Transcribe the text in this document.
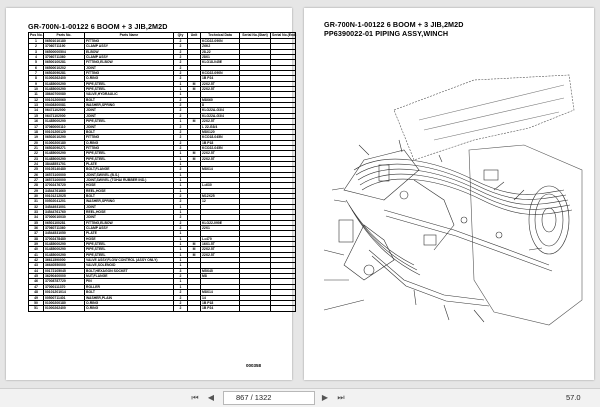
GR-700N-1-00122 6 BOOM + 3 JIB,2M2D
Pos No.	Parts No.	Parts Name	Qty	Unit	Technical Data	Serial No.(Start)	Serial No.(End)
1	06501010180	FITTING	2		KCO22-090N		
2	37060711190	CLAMP ASSY	2		Z6K2		
3	06500000504	ELBOW	2		28-22		
4	37060711360	CLAMP ASSY	2		28X1		
5	06500100281	FITTING,ELBOW	2		KLO18-045E		
6	06500010202	JOINT	2				
7	06502090281	FITTING	2		KCO22-090N		
8	01000262400	O-RING	2		1B P24		
9	01485000290	PIPE,STEEL	1	M	22X2.5T		
10	01485000290	PIPE,STEEL	1	M	22X2.5T		
11	38640700080	VALVE,HYDRAULIC	1				
12	00101200060	BOLT	2		M8X60		
13	00408300081	WASHER,SPRING	2		8		
14	06471102000	JOINT	2		KLO22A-G3/4		
15	06471102000	JOINT	2		KLO22A-G3/4		
16	01485000290	PIPE,STEEL	1	M	22X2.5T		
17	37060000110	JOINT	2		L 22-G3/4		
18	00101200120	BOLT	2		M8X120		
19	06502010290	FITTING	2		KCO18-045N		
20	01000200180	O-RING	2		1B P18		
21	06502090271	FITTING	2		KCO22-045N		
22	01485000290	PIPE,STEEL	1	M	22X2.5T		
23	01485000290	PIPE,STEEL	1	M	22X2.5T		
24	38448551701	PLATE	1				
25	00105140480	BOLT,FLANGE	2		M8X14		
26	36573100000	JOINT,SWIVEL (B.S.)	1				
27	36573100000	JOINT,SWIVEL (TOHAI RUBBER IND.)	1				
28	37002476720	HOSE	1		L=630		
29	34544761660	REEL,HOSE	1				
30	00101212025	BOLT	2		M12X25		
31	00502041201	WASHER,SPRING	2		12		
32	34544931001	JOINT	1				
33	34544761760	REEL,HOSE	1				
34	37000010030	JOINT	2				
35	06501100281	FITTING,ELBOW	2		KLO22-090E		
36	37060711360	CLAMP ASSY	2		22X1		
37	34544531050	PLATE	1				
38	37002478480	HOSE	1		L=470		
39	01485000290	PIPE,STEEL	1	M	16X1.5T		
40	01485000290	PIPE,STEEL	1	M	22X2.5T		
41	01485000290	PIPE,STEEL	1	M	22X2.5T		
42	36611590000	VALVE ASSY,FLOW CONTROL (ASSY ONLY)	1				
43	36640550000	VALVE,SOLENOID	1				
44	00172105045	BOLT,HEXAGON SOCKET	3		M5X45		
45	36290400000	NUT,FLANGE	2		M8		
46	37008787720	PIN	1				
47	37000111370	ROLLER	1				
48	00101201014	BOLT	2		M8X14		
49	00500711401	WASHER,PLAIN	2		14		
50	01000200180	O-RING	2		1B P18		
51	01000262400	O-RING	2		1B P24		
000358
GR-700N-1-00122 6 BOOM + 3 JIB,2M2D
PP6390022-01 PIPING ASSY,WINCH
⏮ ◀	867 / 1322	▶ ⏭	57.0
